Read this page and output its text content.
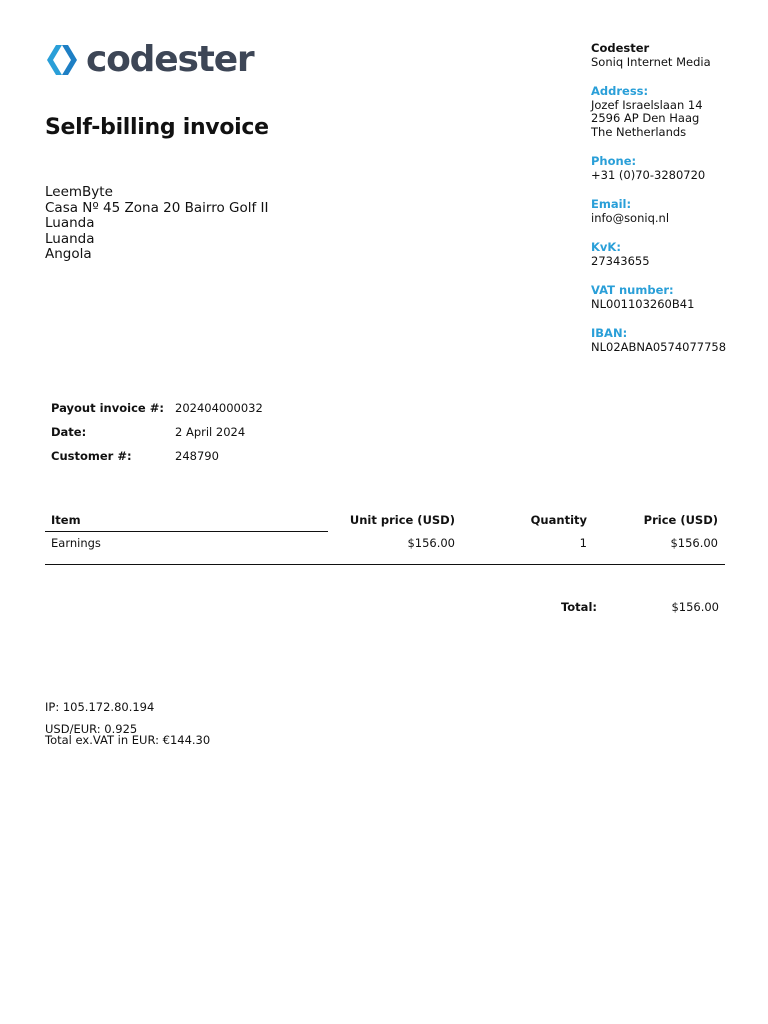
codester
Self-billing invoice
LeemByte
Casa Nº 45 Zona 20 Bairro Golf II
Luanda
Luanda
Angola
Codester
Soniq Internet Media
Address:
Jozef Israelslaan 14
2596 AP Den Haag
The Netherlands
Phone:
+31 (0)70-3280720
Email:
info@soniq.nl
KvK:
27343655
VAT number:
NL001103260B41
IBAN:
NL02ABNA0574077758
Payout invoice #: 202404000032
Date:	2 April 2024
Customer #:	248790
Item	Unit price (USD)	Quantity	Price (USD)
Earnings	$156.00	1	$156.00
Total:	$156.00
IP: 105.172.80.194
USD/EUR: 0.925
Total ex.VAT in EUR: €144.30
